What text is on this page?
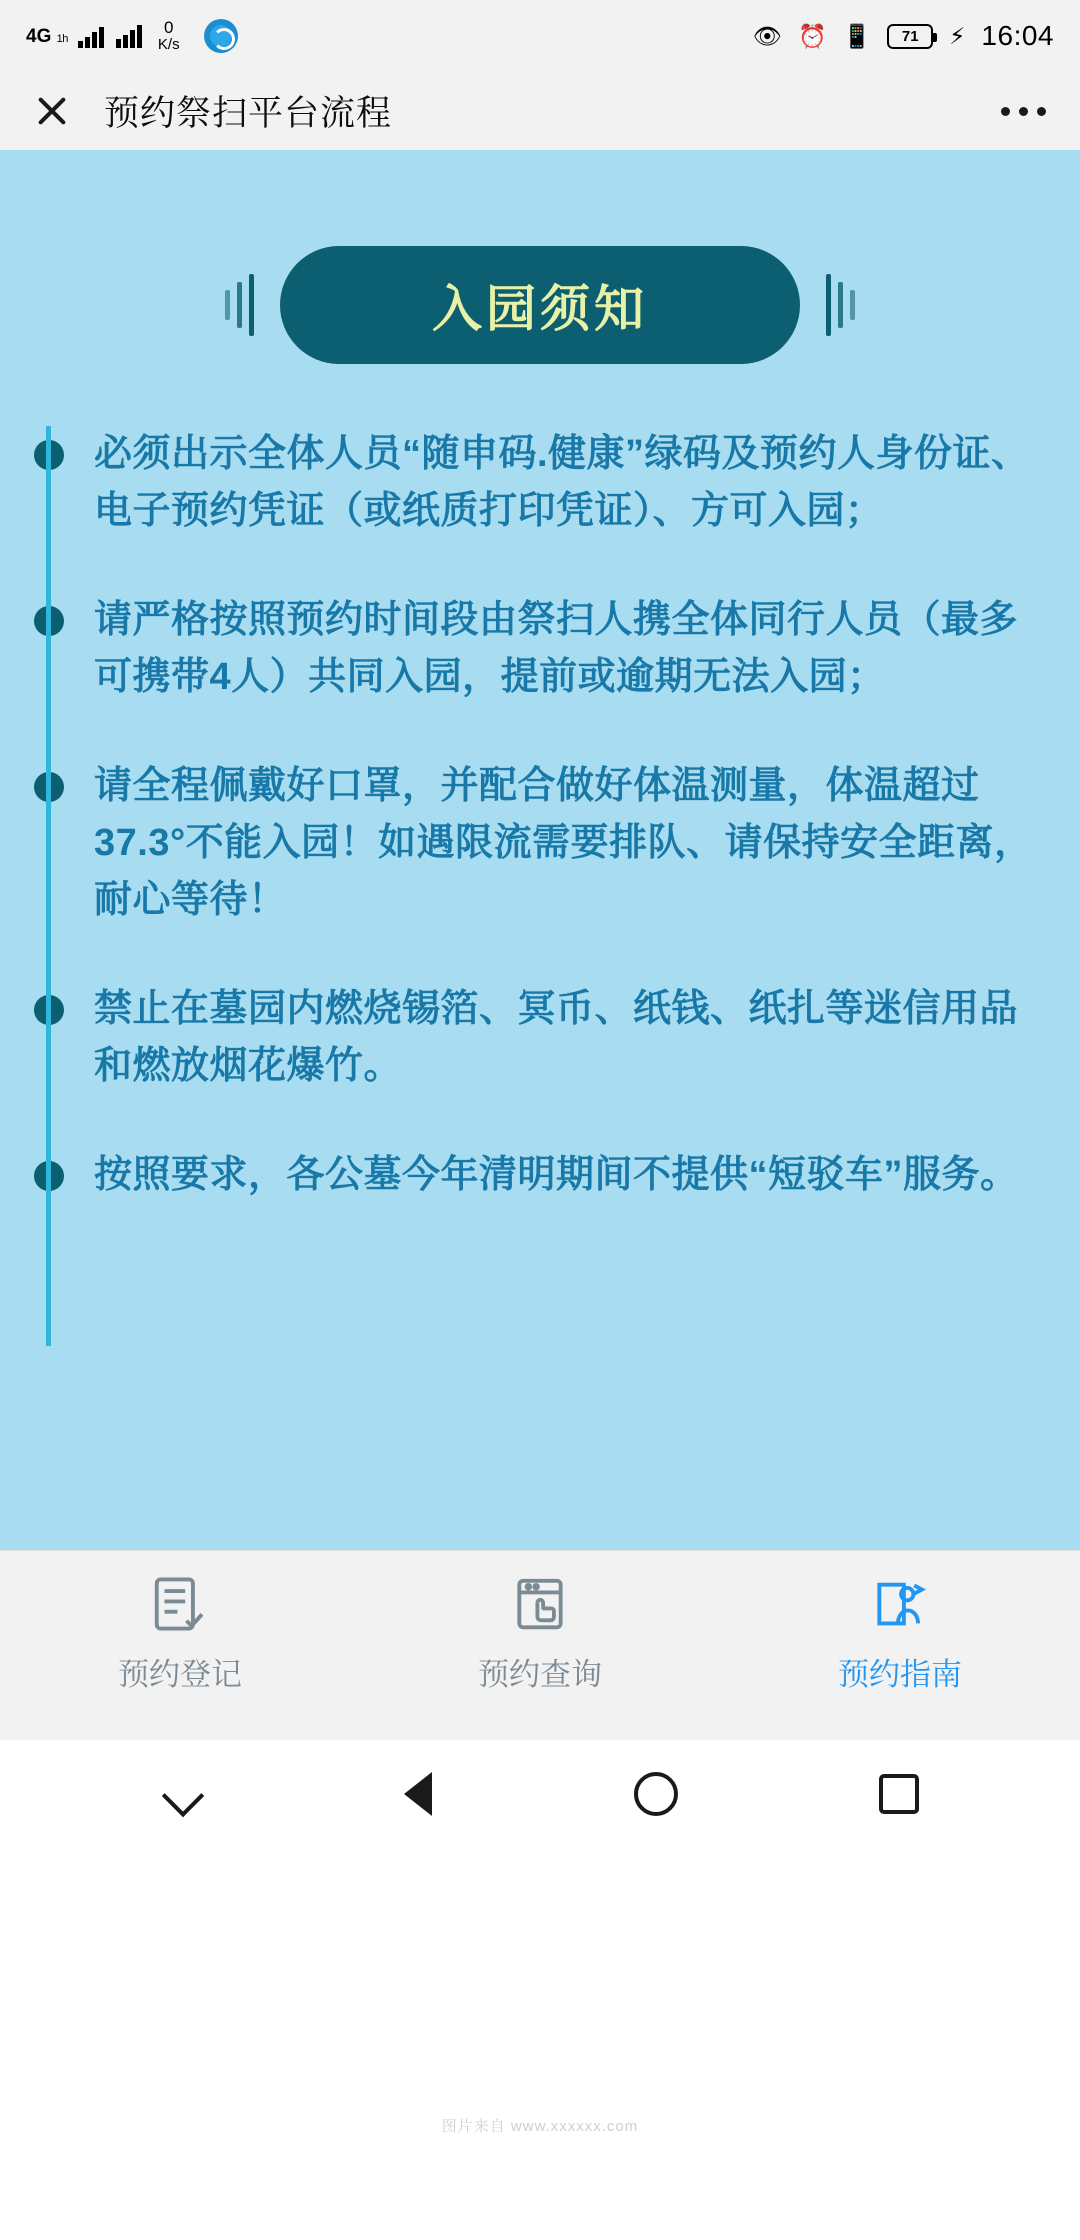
4G 1h
0
K/s	👁 ⏰ 📱 71 ⚡ 16:04
预约祭扫平台流程
入园须知
必须出示全体人员“随申码.健康”绿码及预约人身份证、电子预约凭证（或纸质打印凭证）、方可入园；
请严格按照预约时间段由祭扫人携全体同行人员（最多可携带4人）共同入园，提前或逾期无法入园；
请全程佩戴好口罩，并配合做好体温测量，体温超过37.3°不能入园！如遇限流需要排队、请保持安全距离，耐心等待！
禁止在墓园内燃烧锡箔、冥币、纸钱、纸扎等迷信用品和燃放烟花爆竹。
按照要求，各公墓今年清明期间不提供“短驳车”服务。
预约登记	预约查询	预约指南
图片来自 www.xxxxxx.com
